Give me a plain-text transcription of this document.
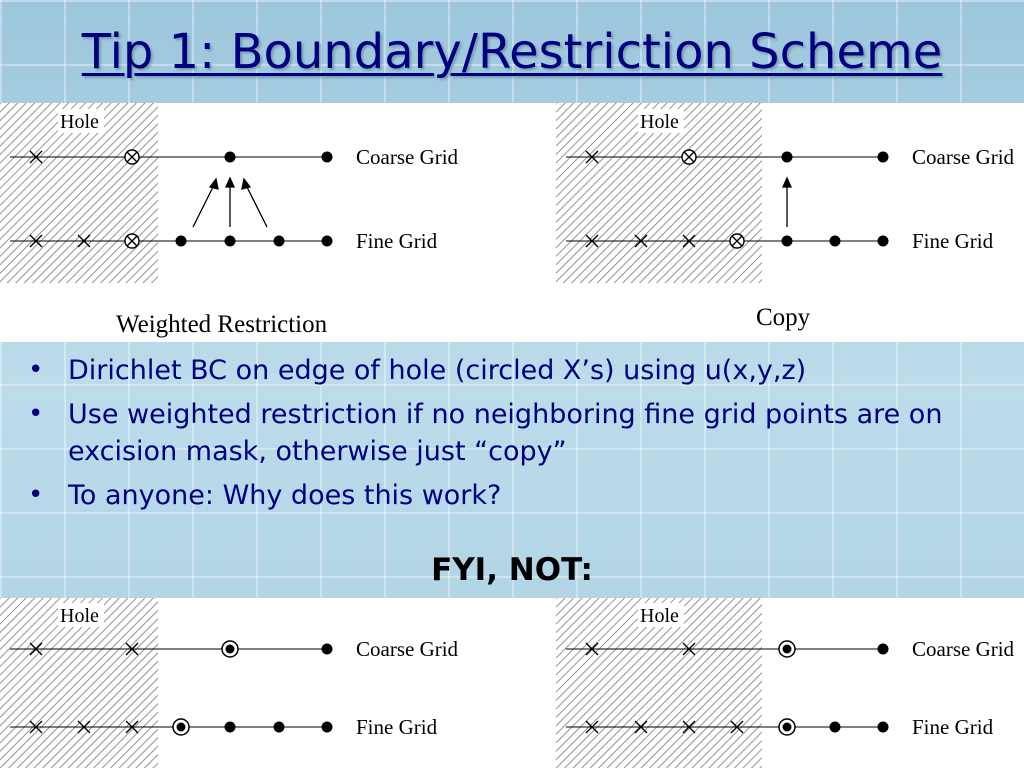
Tip 1: Boundary/Restriction Scheme
Hole
Coarse Grid
Fine Grid
Weighted Restriction
Hole
Coarse Grid
Fine Grid
Copy
• Dirichlet BC on edge of hole (circled X’s) using u(x,y,z)
• Use weighted restriction if no neighboring fine grid points are on excision mask, otherwise just “copy”
• To anyone: Why does this work?
FYI, NOT:
Hole
Coarse Grid
Fine Grid
Hole
Coarse Grid
Fine Grid
